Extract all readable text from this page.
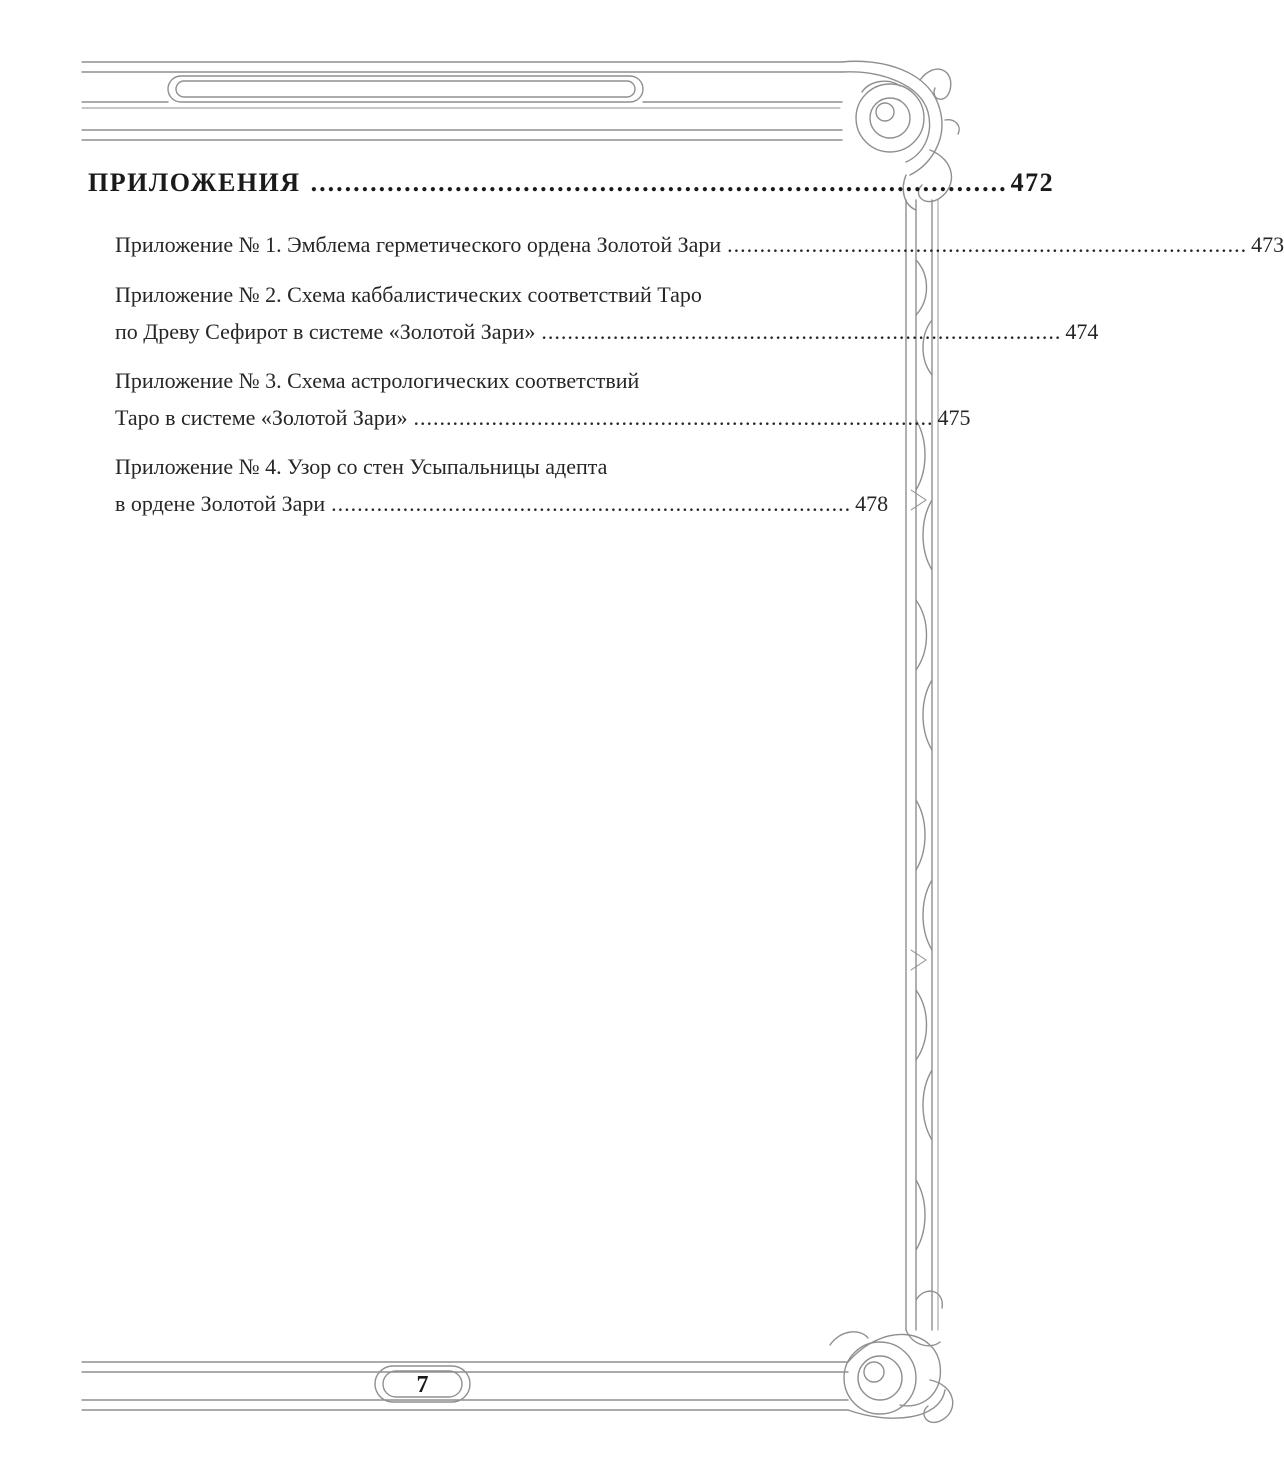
ПРИЛОЖЕНИЯ .................................................................................. 472
Приложение № 1. Эмблема герметического ордена Золотой Зари ................................................................................ 473
Приложение № 2. Схема каббалистических соответствий Таро
по Древу Сефирот в системе «Золотой Зари» ................................................................................ 474
Приложение № 3. Схема астрологических соответствий
Таро в системе «Золотой Зари» ................................................................................ 475
Приложение № 4. Узор со стен Усыпальницы адепта
в ордене Золотой Зари ................................................................................ 478
7
